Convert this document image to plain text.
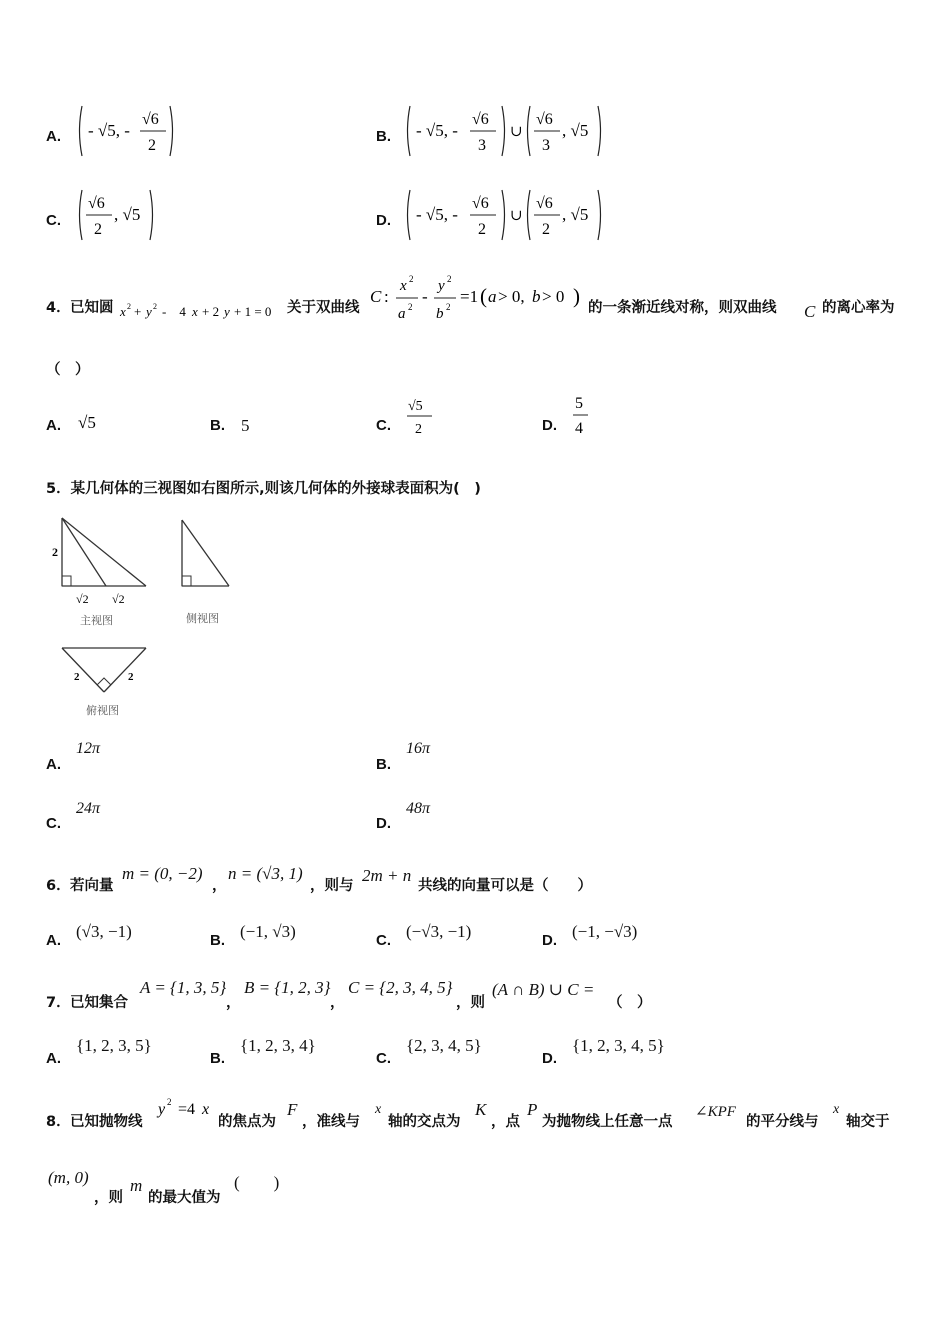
A. - √5, -
√6
2
B. - √5, -
√6
3
∪
√6
3
, √5
C.
√6
2
, √5	D. - √5, -
√6
2
∪
√6
2
, √5
4． 已知圆 x 2 + y 2 -　4 x + 2 y + 1 = 0 关于双曲线
C :
x 2
a 2
-
y 2
b 2
=1 ( a > 0, b > 0 ) 的一条渐近线对称，则双曲线 C 的离心率为
（　）
A. √5	B. 5	C.
√5
2	D.
5
4
5．某几何体的三视图如右图所示,则该几何体的外接球表面积为(　)
2
√2 √2
主视图	侧视图
2	2
俯视图
A.
12π
B.
16π
C.
24π
D.
48π
6． 若向量
m = (0, −2)
，
n = (√3, 1)
，则与
2m + n
共线的向量可以是（　　）
A. (√3, −1)	B. (−1, √3)	C. (−√3, −1)	D. (−1, −√3)
7． 已知集合
A = {1, 3, 5}
，
B = {1, 2, 3}
，
C = {2, 3, 4, 5}
，则
(A ∩ B) ∪ C =
（　）
A.
{1, 2, 3, 5}
B.
{1, 2, 3, 4}
C.
{2, 3, 4, 5}
D.
{1, 2, 3, 4, 5}
8． 已知抛物线
y 2 =4 x
的焦点为
F
，准线与
x
轴的交点为
K
，点
P
为抛物线上任意一点
∠KPF
的平分线与
x
轴交于
(m, 0)
，则
m
的最大值为
(　　)
